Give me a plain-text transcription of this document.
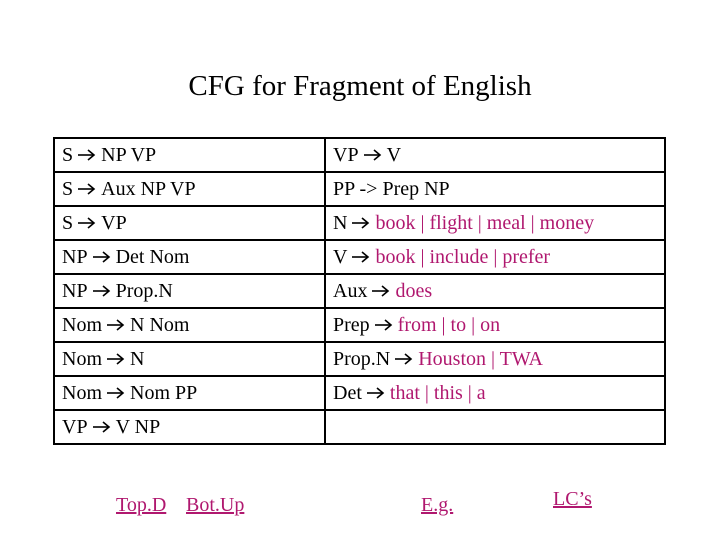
CFG for Fragment of English
S NP VP	VP V
S Aux NP VP	PP -> Prep NP
S VP	N book | flight | meal | money
NP Det Nom	V book | include | prefer
NP Prop.N	Aux does
Nom N Nom	Prep from | to | on
Nom N	Prop.N Houston | TWA
Nom Nom PP	Det that | this | a
VP V NP	
Top.D Bot.Up	E.g.	LC’s
